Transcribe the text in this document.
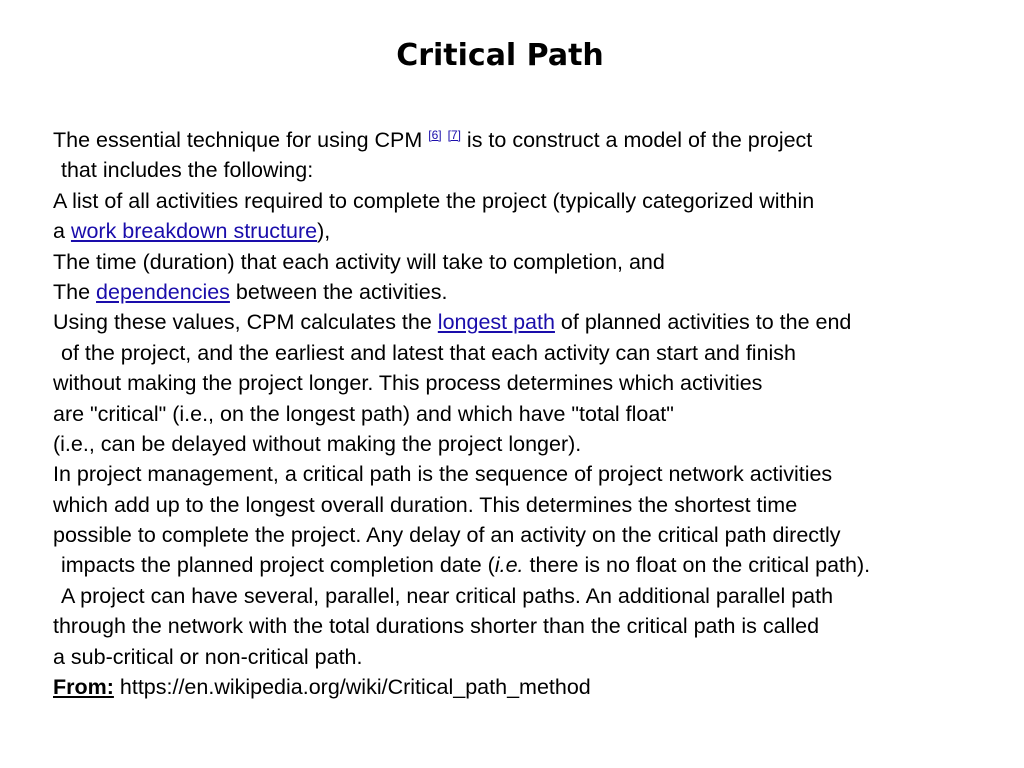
Critical Path
The essential technique for using CPM [6] [7] is to construct a model of the project
that includes the following:
A list of all activities required to complete the project (typically categorized within
a work breakdown structure),
The time (duration) that each activity will take to completion, and
The dependencies between the activities.
Using these values, CPM calculates the longest path of planned activities to the end
of the project, and the earliest and latest that each activity can start and finish
without making the project longer. This process determines which activities
are "critical" (i.e., on the longest path) and which have "total float"
(i.e., can be delayed without making the project longer).
In project management, a critical path is the sequence of project network activities
which add up to the longest overall duration. This determines the shortest time
possible to complete the project. Any delay of an activity on the critical path directly
impacts the planned project completion date (i.e. there is no float on the critical path).
A project can have several, parallel, near critical paths. An additional parallel path
through the network with the total durations shorter than the critical path is called
a sub-critical or non-critical path.
From: https://en.wikipedia.org/wiki/Critical_path_method
